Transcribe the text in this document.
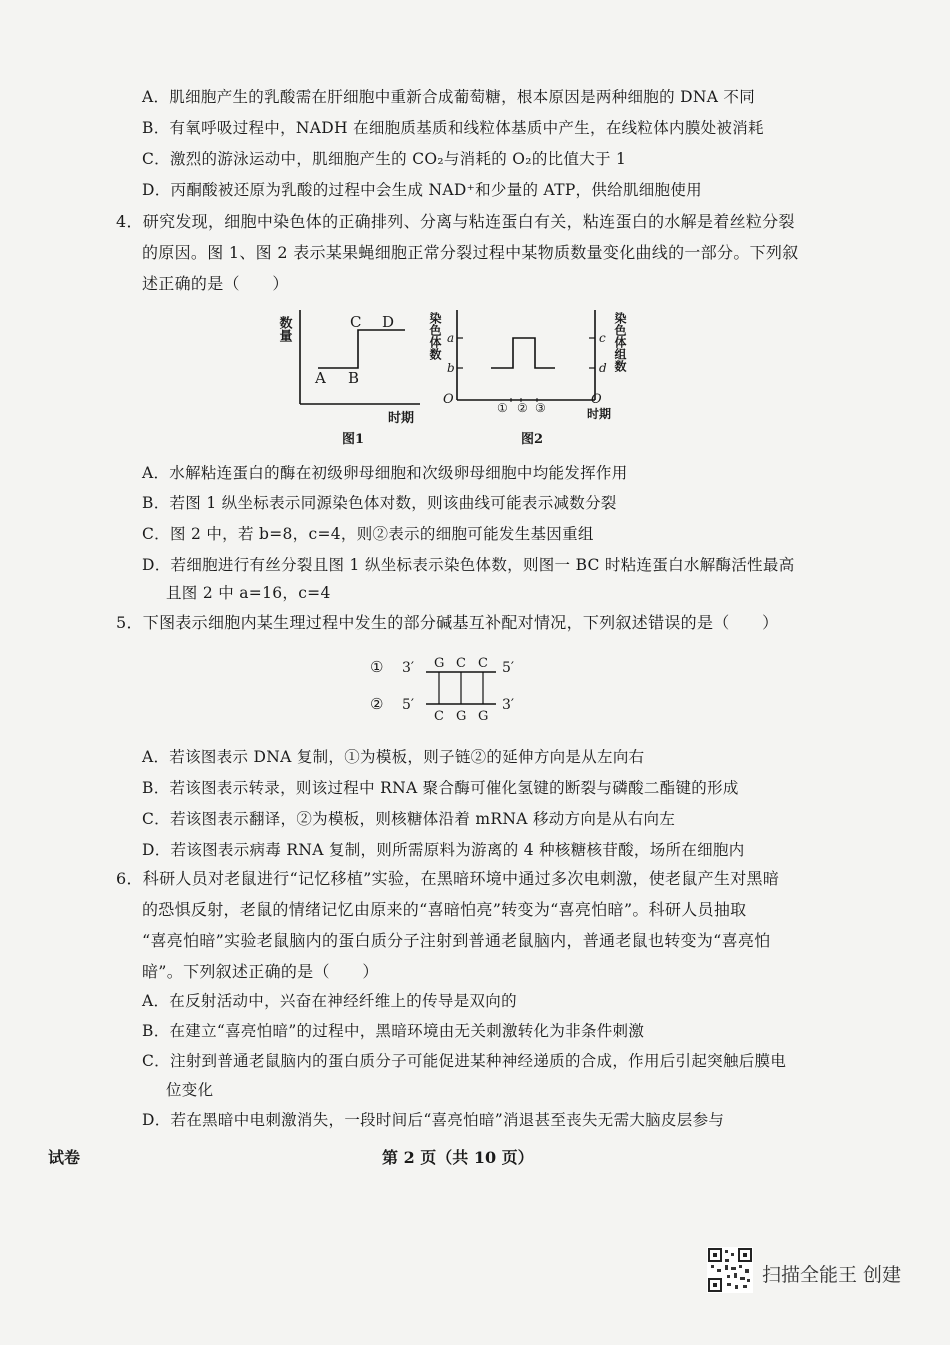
A．肌细胞产生的乳酸需在肝细胞中重新合成葡萄糖，根本原因是两种细胞的 DNA 不同
B．有氧呼吸过程中，NADH 在细胞质基质和线粒体基质中产生，在线粒体内膜处被消耗
C．激烈的游泳运动中，肌细胞产生的 CO₂与消耗的 O₂的比值大于 1
D．丙酮酸被还原为乳酸的过程中会生成 NAD⁺和少量的 ATP，供给肌细胞使用
4．研究发现，细胞中染色体的正确排列、分离与粘连蛋白有关，粘连蛋白的水解是着丝粒分裂
的原因。图 1、图 2 表示某果蝇细胞正常分裂过程中某物质数量变化曲线的一部分。下列叙
述正确的是（　　）
数量
A B
C D
时期
图1
染色体数 a
b
O
① ② ③
c
d 染色体组数
O
时期
图2
A．水解粘连蛋白的酶在初级卵母细胞和次级卵母细胞中均能发挥作用
B．若图 1 纵坐标表示同源染色体对数，则该曲线可能表示减数分裂
C．图 2 中，若 b=8，c=4，则②表示的细胞可能发生基因重组
D．若细胞进行有丝分裂且图 1 纵坐标表示染色体数，则图一 BC 时粘连蛋白水解酶活性最高
且图 2 中 a=16，c=4
5．下图表示细胞内某生理过程中发生的部分碱基互补配对情况，下列叙述错误的是（　　）
① 3′	5′
G C C
② 5′	3′
C G G
A．若该图表示 DNA 复制，①为模板，则子链②的延伸方向是从左向右
B．若该图表示转录，则该过程中 RNA 聚合酶可催化氢键的断裂与磷酸二酯键的形成
C．若该图表示翻译，②为模板，则核糖体沿着 mRNA 移动方向是从右向左
D．若该图表示病毒 RNA 复制，则所需原料为游离的 4 种核糖核苷酸，场所在细胞内
6．科研人员对老鼠进行“记忆移植”实验，在黑暗环境中通过多次电刺激，使老鼠产生对黑暗
的恐惧反射，老鼠的情绪记忆由原来的“喜暗怕亮”转变为“喜亮怕暗”。科研人员抽取
“喜亮怕暗”实验老鼠脑内的蛋白质分子注射到普通老鼠脑内，普通老鼠也转变为“喜亮怕
暗”。下列叙述正确的是（　　）
A．在反射活动中，兴奋在神经纤维上的传导是双向的
B．在建立“喜亮怕暗”的过程中，黑暗环境由无关刺激转化为非条件刺激
C．注射到普通老鼠脑内的蛋白质分子可能促进某种神经递质的合成，作用后引起突触后膜电
位变化
D．若在黑暗中电刺激消失，一段时间后“喜亮怕暗”消退甚至丧失无需大脑皮层参与
试卷	第 2 页（共 10 页）
扫描全能王 创建
